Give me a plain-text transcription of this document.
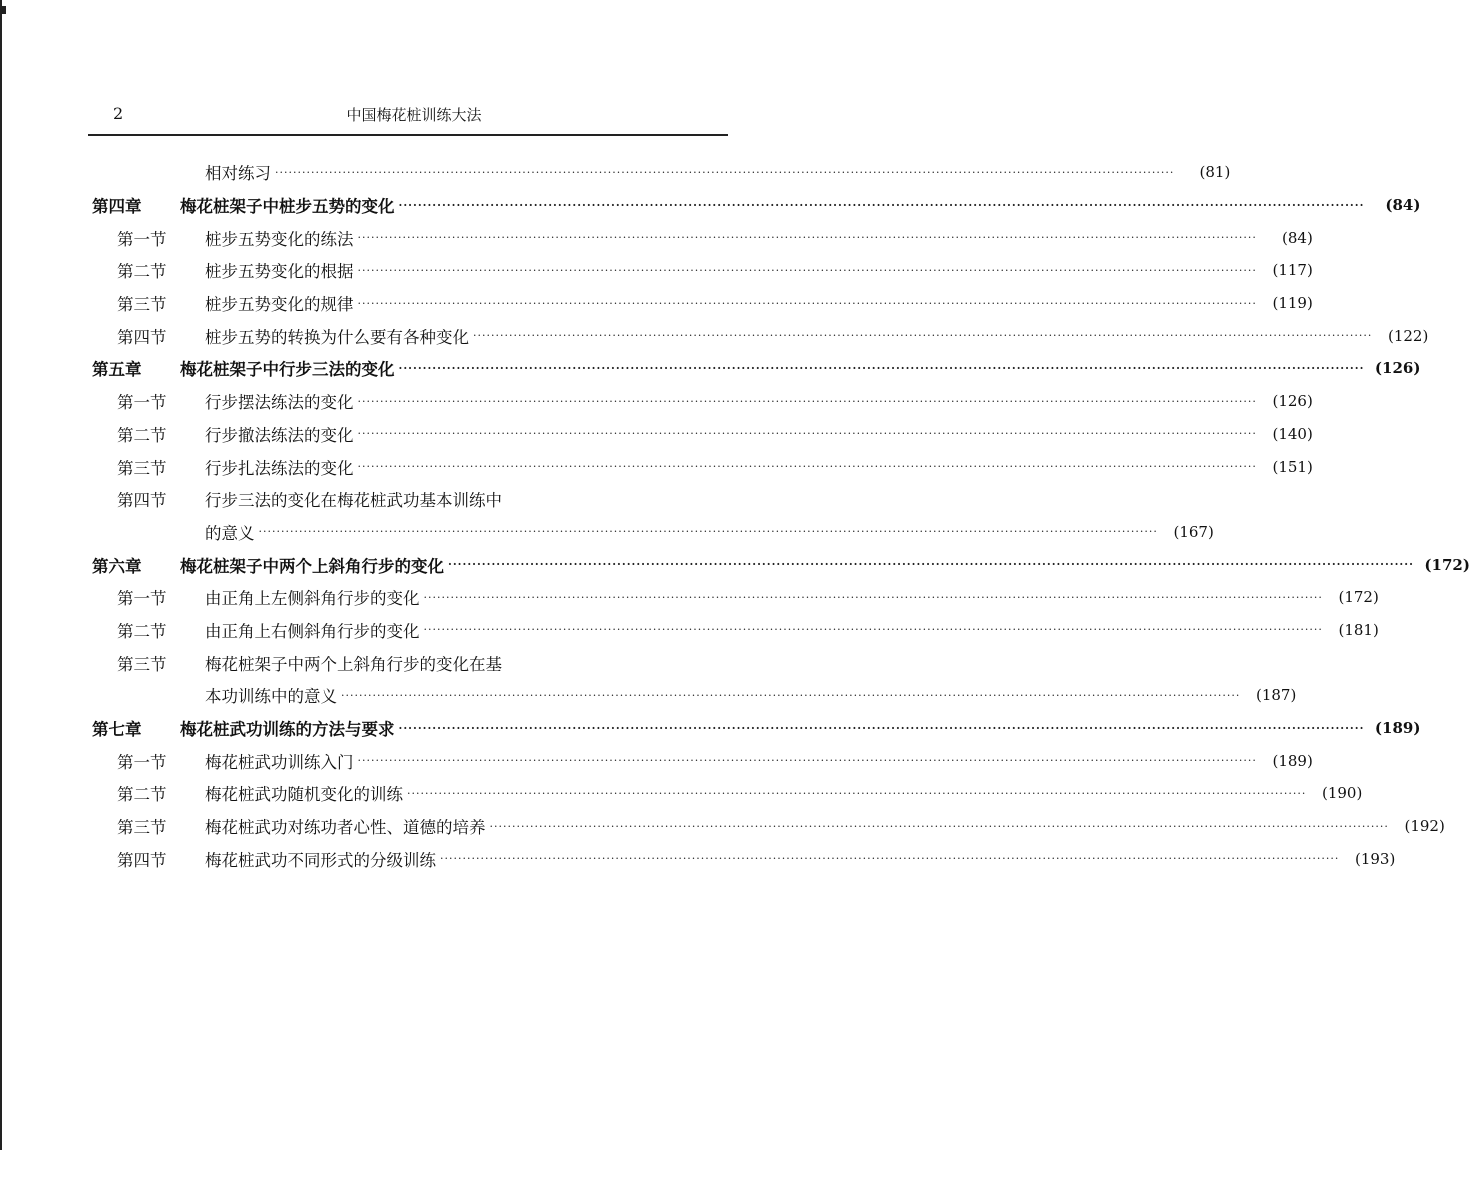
2	中国梅花桩训练大法
相对练习 ········································································································································································································	(81)
第四章 梅花桩架子中桩步五势的变化 ········································································································································································································	(84)
第一节 桩步五势变化的练法 ········································································································································································································	(84)
第二节 桩步五势变化的根据 ········································································································································································································	(117)
第三节 桩步五势变化的规律 ········································································································································································································	(119)
第四节 桩步五势的转换为什么要有各种变化 ········································································································································································································	(122)
第五章 梅花桩架子中行步三法的变化 ········································································································································································································ (126)
第一节 行步摆法练法的变化 ········································································································································································································	(126)
第二节 行步撤法练法的变化 ········································································································································································································	(140)
第三节 行步扎法练法的变化 ········································································································································································································	(151)
第四节 行步三法的变化在梅花桩武功基本训练中
的意义 ········································································································································································································	(167)
第六章 梅花桩架子中两个上斜角行步的变化 ········································································································································································································ (172)
第一节 由正角上左侧斜角行步的变化 ········································································································································································································	(172)
第二节 由正角上右侧斜角行步的变化 ········································································································································································································	(181)
第三节 梅花桩架子中两个上斜角行步的变化在基
本功训练中的意义 ········································································································································································································	(187)
第七章 梅花桩武功训练的方法与要求 ········································································································································································································ (189)
第一节 梅花桩武功训练入门 ········································································································································································································	(189)
第二节 梅花桩武功随机变化的训练 ········································································································································································································	(190)
第三节 梅花桩武功对练功者心性、道德的培养 ········································································································································································································	(192)
第四节 梅花桩武功不同形式的分级训练 ········································································································································································································	(193)
